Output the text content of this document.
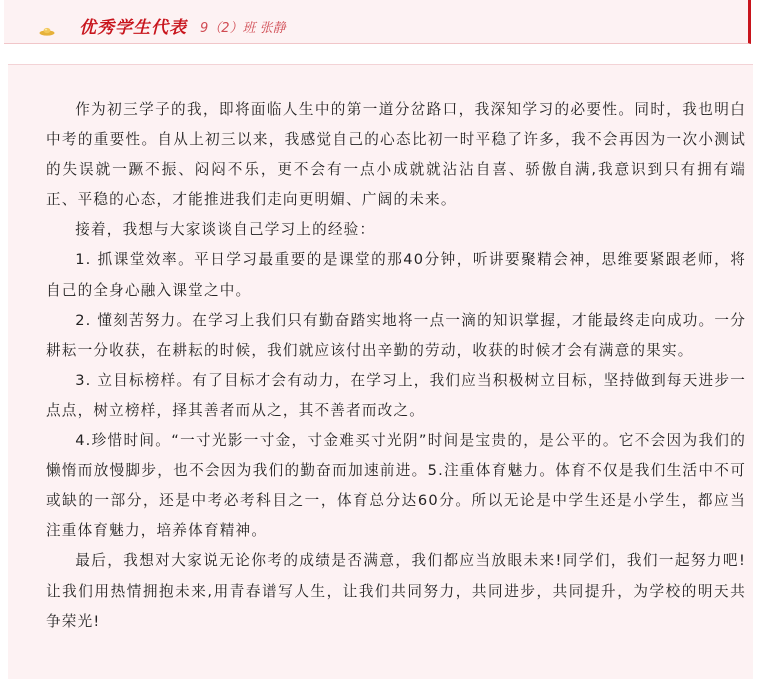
优秀学生代表 9（2）班 张静

作为初三学子的我，即将面临人生中的第一道分岔路口，我深知学习的必要性。同时，我也明白中考的重要性。自从上初三以来，我感觉自己的心态比初一时平稳了许多，我不会再因为一次小测试的失误就一蹶不振、闷闷不乐，更不会有一点小成就就沾沾自喜、骄傲自满,我意识到只有拥有端正、平稳的心态，才能推进我们走向更明媚、广阔的未来。

接着，我想与大家谈谈自己学习上的经验：

1. 抓课堂效率。平日学习最重要的是课堂的那40分钟，听讲要聚精会神，思维要紧跟老师，将自己的全身心融入课堂之中。

2. 懂刻苦努力。在学习上我们只有勤奋踏实地将一点一滴的知识掌握，才能最终走向成功。一分耕耘一分收获，在耕耘的时候，我们就应该付出辛勤的劳动，收获的时候才会有满意的果实。

3. 立目标榜样。有了目标才会有动力，在学习上，我们应当积极树立目标，坚持做到每天进步一点点，树立榜样，择其善者而从之，其不善者而改之。

4.珍惜时间。“一寸光影一寸金，寸金难买寸光阴”时间是宝贵的，是公平的。它不会因为我们的懒惰而放慢脚步，也不会因为我们的勤奋而加速前进。5.注重体育魅力。体育不仅是我们生活中不可或缺的一部分，还是中考必考科目之一，体育总分达60分。所以无论是中学生还是小学生，都应当注重体育魅力，培养体育精神。

最后，我想对大家说无论你考的成绩是否满意，我们都应当放眼未来!同学们，我们一起努力吧!让我们用热情拥抱未来,用青春谱写人生，让我们共同努力，共同进步，共同提升，为学校的明天共争荣光!
